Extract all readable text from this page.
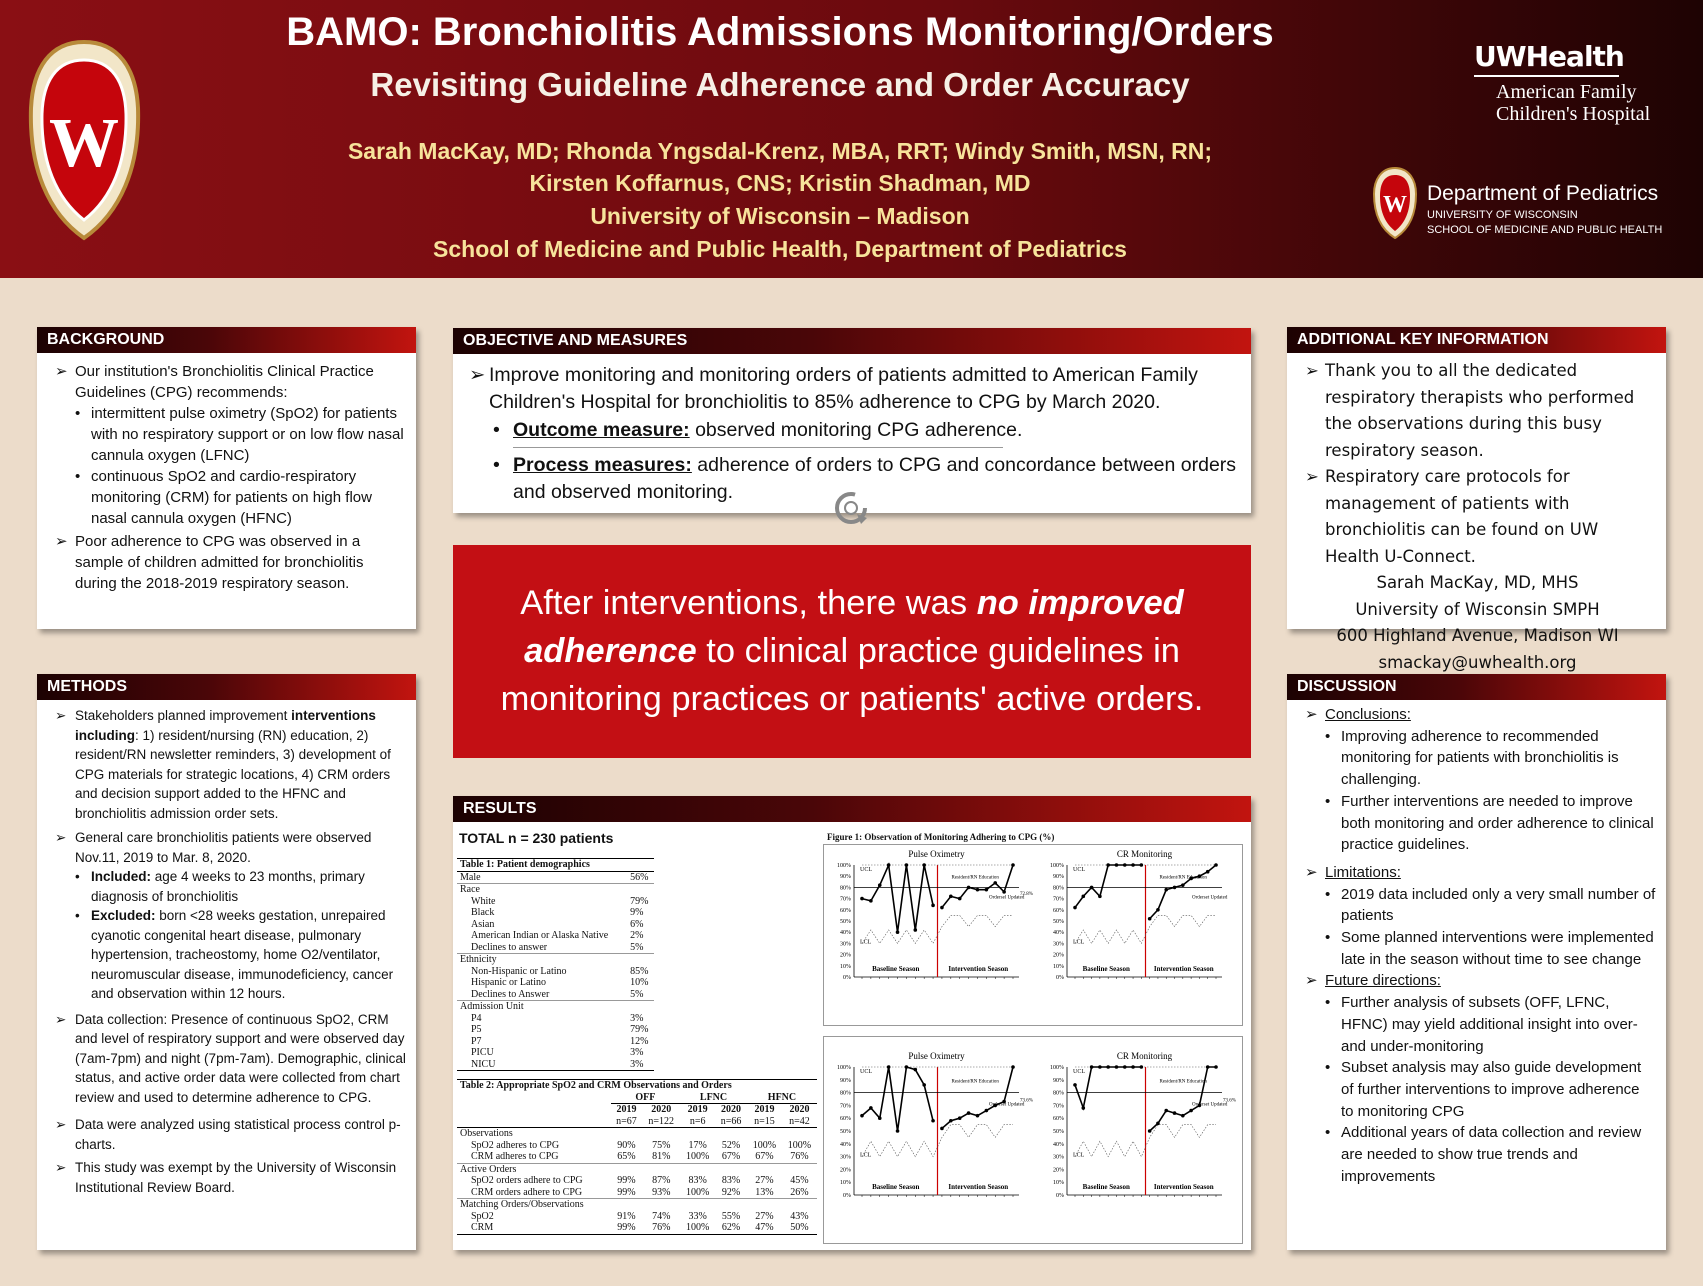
W
BAMO: Bronchiolitis Admissions Monitoring/Orders
Revisiting Guideline Adherence and Order Accuracy
Sarah MacKay, MD; Rhonda Yngsdal-Krenz, MBA, RRT; Windy Smith, MSN, RN;
Kirsten Koffarnus, CNS; Kristin Shadman, MD
University of Wisconsin – Madison
School of Medicine and Public Health, Department of Pediatrics
UWHealth
American Family
Children's Hospital
W Department of Pediatrics
UNIVERSITY OF WISCONSIN
SCHOOL OF MEDICINE AND PUBLIC HEALTH
BACKGROUND
➢ Our institution's Bronchiolitis Clinical Practice Guidelines (CPG) recommends:
• intermittent pulse oximetry (SpO2) for patients with no respiratory support or on low flow nasal cannula oxygen (LFNC)
• continuous SpO2 and cardio-respiratory monitoring (CRM) for patients on high flow nasal cannula oxygen (HFNC)
➢ Poor adherence to CPG was observed in a sample of children admitted for bronchiolitis during the 2018-2019 respiratory season.
OBJECTIVE AND MEASURES
➢ Improve monitoring and monitoring orders of patients admitted to American Family Children's Hospital for bronchiolitis to 85% adherence to CPG by March 2020.
• Outcome measure: observed monitoring CPG adherence.
• Process measures: adherence of orders to CPG and concordance between orders and observed monitoring.
After interventions, there was no improved adherence to clinical practice guidelines in monitoring practices or patients' active orders.
METHODS
➢ Stakeholders planned improvement interventions including: 1) resident/nursing (RN) education, 2) resident/RN newsletter reminders, 3) development of CPG materials for strategic locations, 4) CRM orders and decision support added to the HFNC and bronchiolitis admission order sets.
➢ General care bronchiolitis patients were observed Nov.11, 2019 to Mar. 8, 2020.
• Included: age 4 weeks to 23 months, primary diagnosis of bronchiolitis
• Excluded: born <28 weeks gestation, unrepaired cyanotic congenital heart disease, pulmonary hypertension, tracheostomy, home O2/ventilator, neuromuscular disease, immunodeficiency, cancer and observation within 12 hours.
➢ Data collection: Presence of continuous SpO2, CRM and level of respiratory support and were observed day (7am-7pm) and night (7pm-7am). Demographic, clinical status, and active order data were collected from chart review and used to determine adherence to CPG.
➢ Data were analyzed using statistical process control p-charts.
➢ This study was exempt by the University of Wisconsin Institutional Review Board.
RESULTS
TOTAL n = 230 patients
Table 1: Patient demographics	
Male	56%
Race	
White	79%
Black	9%
Asian	6%
American Indian or Alaska Native	2%
Declines to answer	5%
Ethnicity	
Non-Hispanic or Latino	85%
Hispanic or Latino	10%
Declines to Answer	5%
Admission Unit	
P4	3%
P5	79%
P7	12%
PICU	3%
NICU	3%
Table 2: Appropriate SpO2 and CRM Observations and Orders						
	OFF		LFNC		HFNC	
	2019	2020	2019	2020	2019	2020
	n=67	n=122	n=6	n=66	n=15	n=42
Observations						
SpO2 adheres to CPG	90%	75%	17%	52%	100%	100%
CRM adheres to CPG	65%	81%	100%	67%	67%	76%
Active Orders						
SpO2 orders adhere to CPG	99%	87%	83%	83%	27%	45%
CRM orders adhere to CPG	99%	93%	100%	92%	13%	26%
Matching Orders/Observations						
SpO2	91%	74%	33%	55%	27%	43%
CRM	99%	76%	100%	62%	47%	50%
Figure 1: Observation of Monitoring Adhering to CPG (%)
Pulse Oximetry
0%
10%
20%
30%
40%
50%
60%
70%
80%
90%
100%
UCL
LCL
Baseline Season	Intervention Season
Resident/RN Education
Ordersel Updated
72.8%
CR Monitoring
0%
10%
20%
30%
40%
50%
60%
70%
80%
90%
100%
UCL
LCL
Baseline Season	Intervention Season
Resident/RN Education
Orderset Updated
Pulse Oximetry
0%
10%
20%
30%
40%
50%
60%
70%
80%
90%
100%
UCL
LCL
Baseline Season	Intervention Season
Resident/RN Education
Orderset Updated
73.6%
CR Monitoring
0%
10%
20%
30%
40%
50%
60%
70%
80%
90%
100%
UCL
LCL
Baseline Season	Intervention Season
Resident/RN Education
Orderset Updated
73.6%
ADDITIONAL KEY INFORMATION
➢ Thank you to all the dedicated respiratory therapists who performed the observations during this busy respiratory season.
➢ Respiratory care protocols for management of patients with bronchiolitis can be found on UW Health U-Connect.
Sarah MacKay, MD, MHS
University of Wisconsin SMPH
600 Highland Avenue, Madison WI
smackay@uwhealth.org
DISCUSSION
➢ Conclusions:
• Improving adherence to recommended monitoring for patients with bronchiolitis is challenging.
• Further interventions are needed to improve both monitoring and order adherence to clinical practice guidelines.
➢ Limitations:
• 2019 data included only a very small number of patients
• Some planned interventions were implemented late in the season without time to see change
➢ Future directions:
• Further analysis of subsets (OFF, LFNC, HFNC) may yield additional insight into over- and under-monitoring
• Subset analysis may also guide development of further interventions to improve adherence to monitoring CPG
• Additional years of data collection and review are needed to show true trends and improvements
